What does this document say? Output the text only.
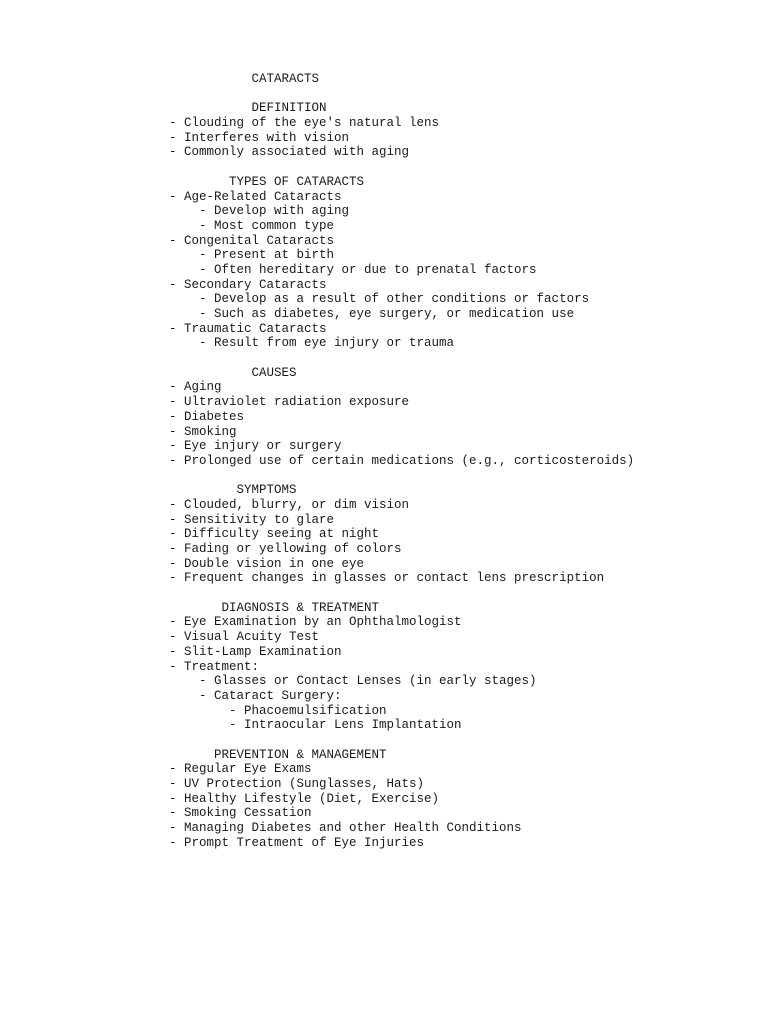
CATARACTS
DEFINITION
- Clouding of the eye's natural lens
- Interferes with vision
- Commonly associated with aging
TYPES OF CATARACTS
- Age-Related Cataracts
- Develop with aging
- Most common type
- Congenital Cataracts
- Present at birth
- Often hereditary or due to prenatal factors
- Secondary Cataracts
- Develop as a result of other conditions or factors
- Such as diabetes, eye surgery, or medication use
- Traumatic Cataracts
- Result from eye injury or trauma
CAUSES
- Aging
- Ultraviolet radiation exposure
- Diabetes
- Smoking
- Eye injury or surgery
- Prolonged use of certain medications (e.g., corticosteroids)
SYMPTOMS
- Clouded, blurry, or dim vision
- Sensitivity to glare
- Difficulty seeing at night
- Fading or yellowing of colors
- Double vision in one eye
- Frequent changes in glasses or contact lens prescription
DIAGNOSIS & TREATMENT
- Eye Examination by an Ophthalmologist
- Visual Acuity Test
- Slit-Lamp Examination
- Treatment:
- Glasses or Contact Lenses (in early stages)
- Cataract Surgery:
- Phacoemulsification
- Intraocular Lens Implantation
PREVENTION & MANAGEMENT
- Regular Eye Exams
- UV Protection (Sunglasses, Hats)
- Healthy Lifestyle (Diet, Exercise)
- Smoking Cessation
- Managing Diabetes and other Health Conditions
- Prompt Treatment of Eye Injuries
